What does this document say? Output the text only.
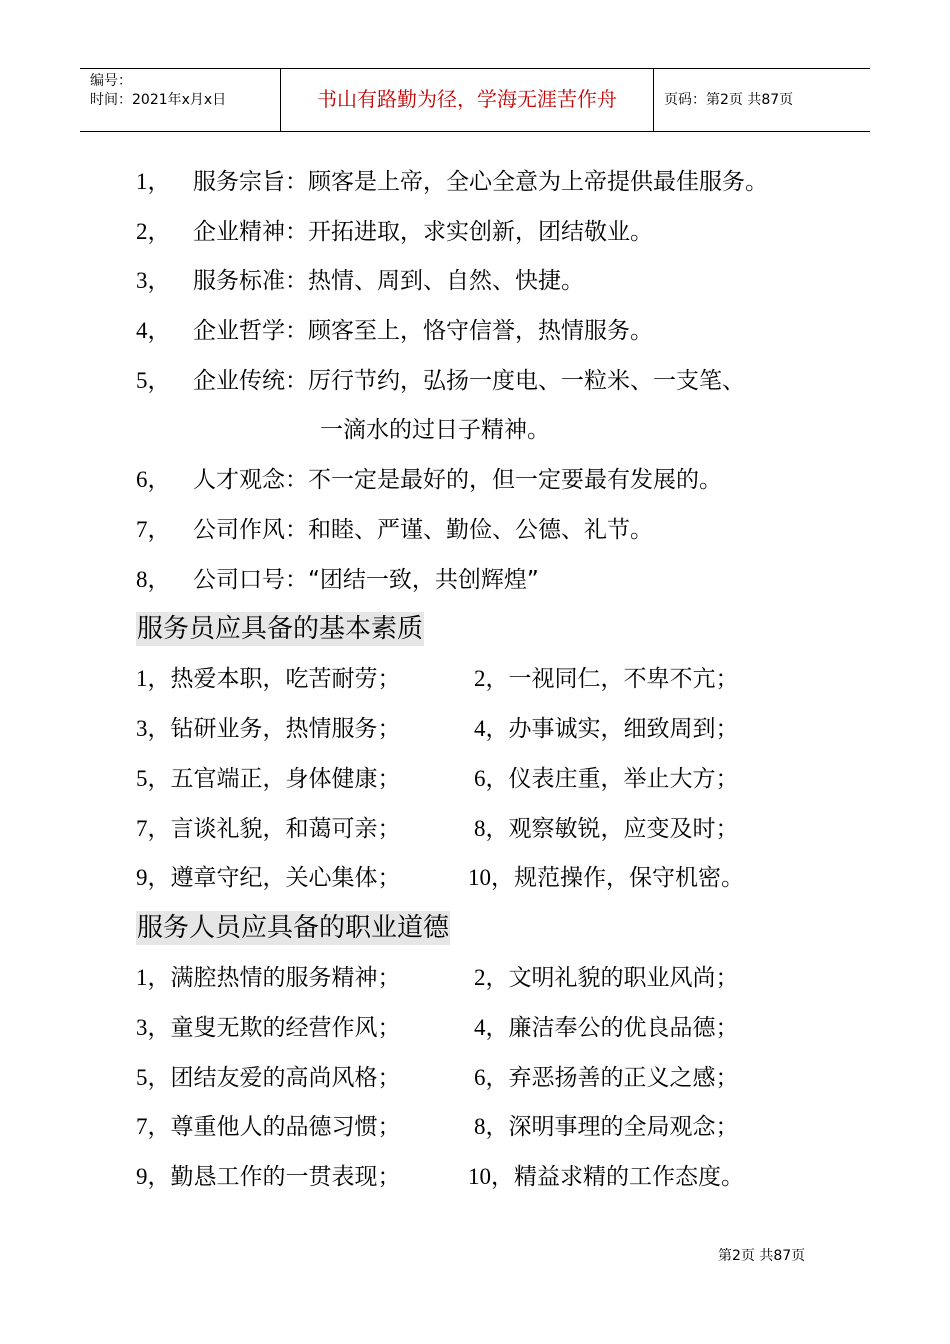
编号：
时间：2021年x月x日	书山有路勤为径，学海无涯苦作舟	页码：第2页 共87页
1， 服务宗旨：顾客是上帝，全心全意为上帝提供最佳服务。
2， 企业精神：开拓进取，求实创新，团结敬业。
3， 服务标准：热情、周到、自然、快捷。
4， 企业哲学：顾客至上，恪守信誉，热情服务。
5， 企业传统：厉行节约，弘扬一度电、一粒米、一支笔、
一滴水的过日子精神。
6， 人才观念：不一定是最好的，但一定要最有发展的。
7， 公司作风：和睦、严谨、勤俭、公德、礼节。
8， 公司口号：“团结一致，共创辉煌”
服务员应具备的基本素质
1，热爱本职，吃苦耐劳；	2，一视同仁，不卑不亢；
3，钻研业务，热情服务；	4，办事诚实，细致周到；
5，五官端正，身体健康；	6，仪表庄重，举止大方；
7，言谈礼貌，和蔼可亲；	8，观察敏锐，应变及时；
9，遵章守纪，关心集体；	10，规范操作，保守机密。
服务人员应具备的职业道德
1，满腔热情的服务精神；	2，文明礼貌的职业风尚；
3，童叟无欺的经营作风；	4，廉洁奉公的优良品德；
5，团结友爱的高尚风格；	6，弃恶扬善的正义之感；
7，尊重他人的品德习惯；	8，深明事理的全局观念；
9，勤恳工作的一贯表现；	10，精益求精的工作态度。
第2页 共87页
